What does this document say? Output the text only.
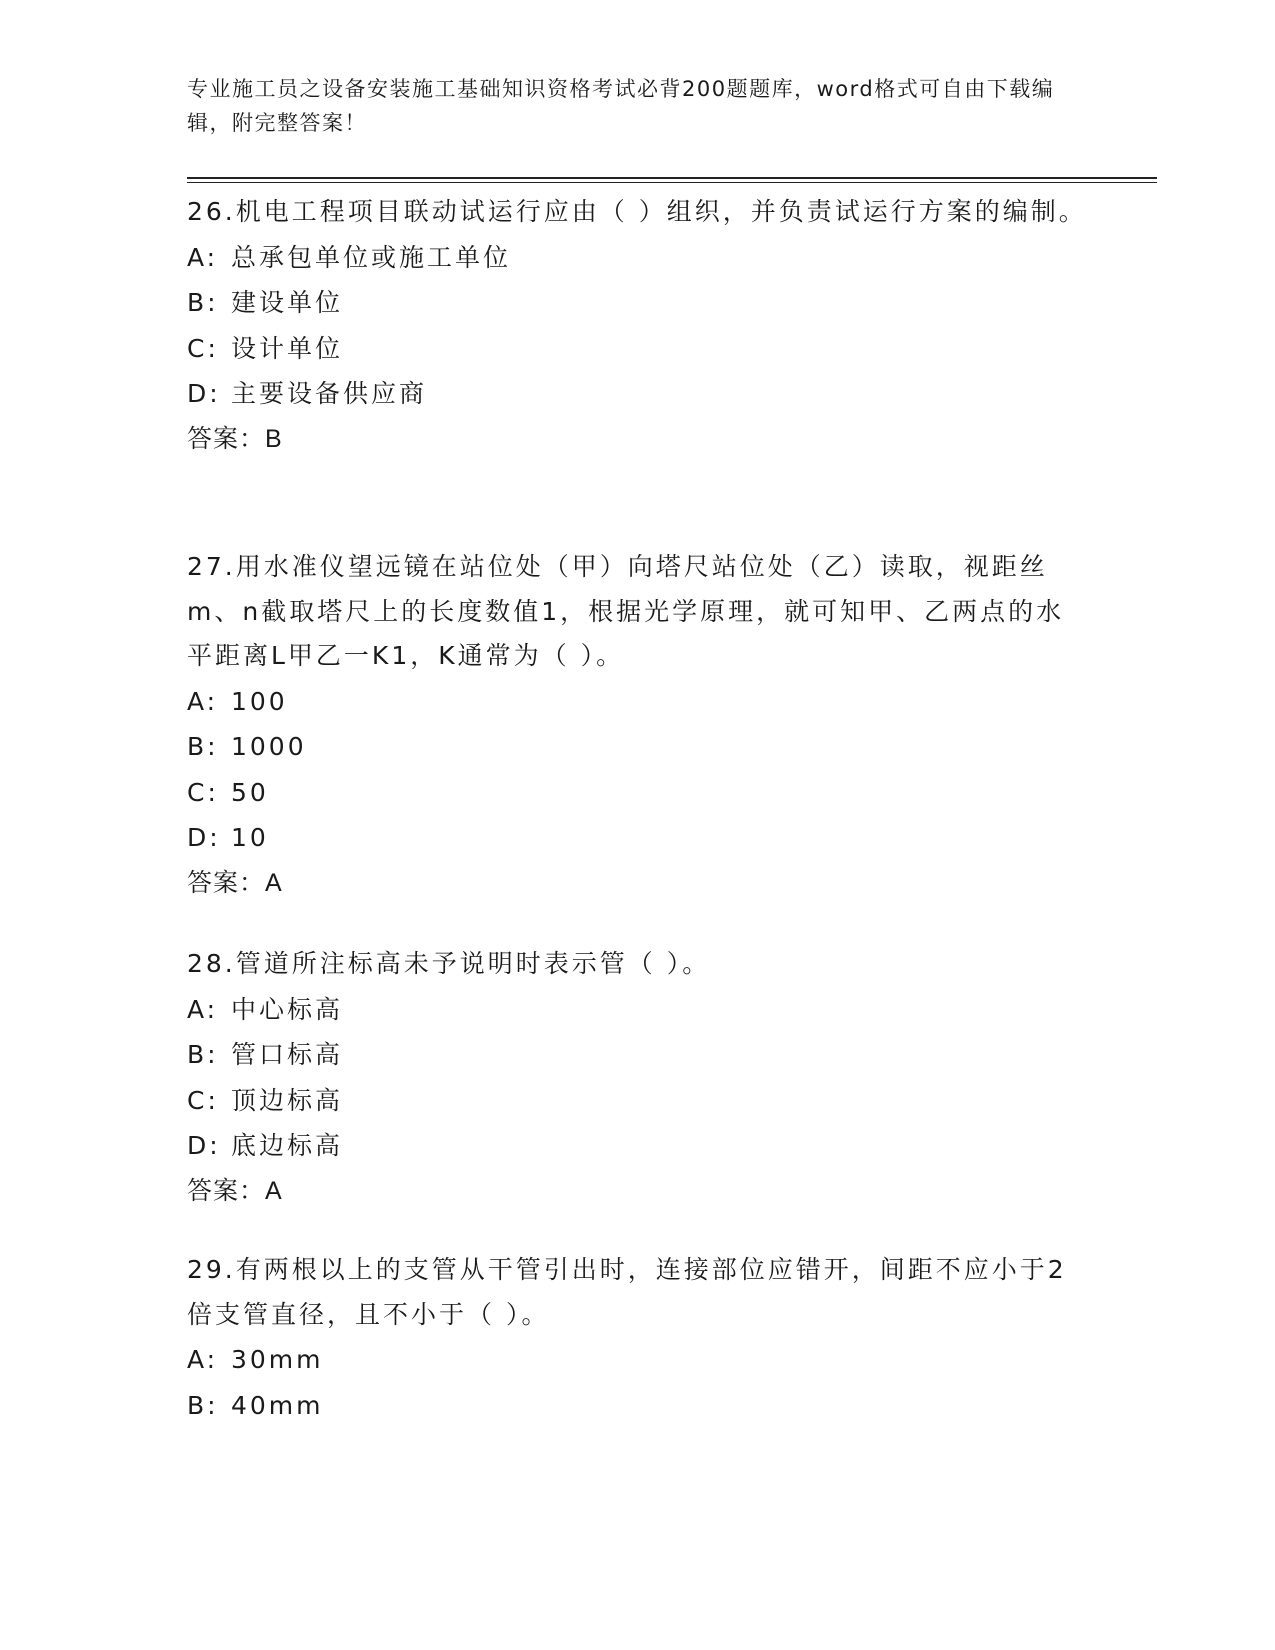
专业施工员之设备安装施工基础知识资格考试必背200题题库，word格式可自由下载编辑，附完整答案！
26.机电工程项目联动试运行应由（ ）组织，并负责试运行方案的编制。
A: 总承包单位或施工单位
B: 建设单位
C: 设计单位
D: 主要设备供应商
答案：B
27.用水准仪望远镜在站位处（甲）向塔尺站位处（乙）读取，视距丝m、n截取塔尺上的长度数值1，根据光学原理，就可知甲、乙两点的水平距离L甲乙一K1，K通常为（ ）。
A: 100
B: 1000
C: 50
D: 10
答案：A
28.管道所注标高未予说明时表示管（ ）。
A: 中心标高
B: 管口标高
C: 顶边标高
D: 底边标高
答案：A
29.有两根以上的支管从干管引出时，连接部位应错开，间距不应小于2倍支管直径，且不小于（ ）。
A: 30mm
B: 40mm
